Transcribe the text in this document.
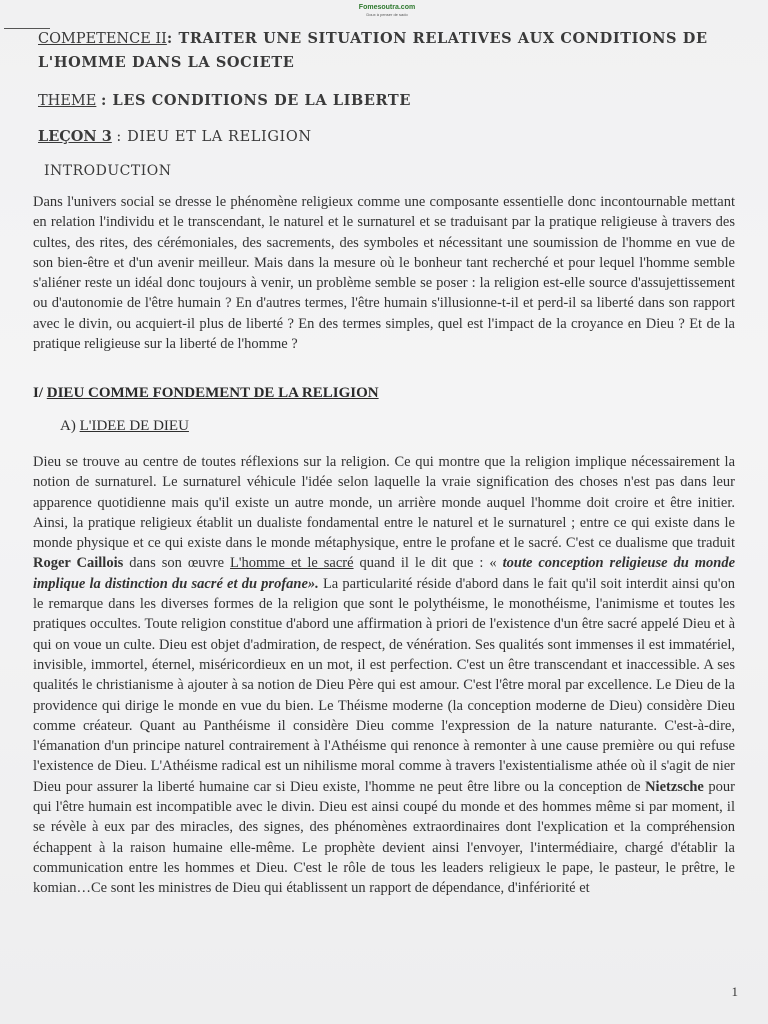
Fomesoutra.com
Doux à penser de sado
COMPETENCE II: TRAITER UNE SITUATION RELATIVES AUX CONDITIONS DE
L'HOMME DANS LA SOCIETE
THEME : LES CONDITIONS DE LA LIBERTE
LEÇON 3 : DIEU ET LA RELIGION
INTRODUCTION
Dans l'univers social se dresse le phénomène religieux comme une composante essentielle donc incontournable mettant en relation l'individu et le transcendant, le naturel et le surnaturel et se traduisant par la pratique religieuse à travers des cultes, des rites, des cérémoniales, des sacrements, des symboles et nécessitant une soumission de l'homme en vue de son bien-être et d'un avenir meilleur. Mais dans la mesure où le bonheur tant recherché et pour lequel l'homme semble s'aliéner reste un idéal donc toujours à venir, un problème semble se poser : la religion est-elle source d'assujettissement ou d'autonomie de l'être humain ? En d'autres termes, l'être humain s'illusionne-t-il et perd-il sa liberté dans son rapport avec le divin, ou acquiert-il plus de liberté ? En des termes simples, quel est l'impact de la croyance en Dieu ? Et de la pratique religieuse sur la liberté de l'homme ?
I/ DIEU COMME FONDEMENT DE LA RELIGION
A) L'IDEE DE DIEU
Dieu se trouve au centre de toutes réflexions sur la religion. Ce qui montre que la religion implique nécessairement la notion de surnaturel. Le surnaturel véhicule l'idée selon laquelle la vraie signification des choses n'est pas dans leur apparence quotidienne mais qu'il existe un autre monde, un arrière monde auquel l'homme doit croire et être initier. Ainsi, la pratique religieux établit un dualiste fondamental entre le naturel et le surnaturel ; entre ce qui existe dans le monde physique et ce qui existe dans le monde métaphysique, entre le profane et le sacré. C'est ce dualisme que traduit Roger Caillois dans son œuvre L'homme et le sacré quand il le dit que : « toute conception religieuse du monde implique la distinction du sacré et du profane». La particularité réside d'abord dans le fait qu'il soit interdit ainsi qu'on le remarque dans les diverses formes de la religion que sont le polythéisme, le monothéisme, l'animisme et toutes les pratiques occultes. Toute religion constitue d'abord une affirmation à priori de l'existence d'un être sacré appelé Dieu et à qui on voue un culte. Dieu est objet d'admiration, de respect, de vénération. Ses qualités sont immenses il est immatériel, invisible, immortel, éternel, miséricordieux en un mot, il est perfection. C'est un être transcendant et inaccessible. A ses qualités le christianisme à ajouter à sa notion de Dieu Père qui est amour. C'est l'être moral par excellence. Le Dieu de la providence qui dirige le monde en vue du bien. Le Théisme moderne (la conception moderne de Dieu) considère Dieu comme créateur. Quant au Panthéisme il considère Dieu comme l'expression de la nature naturante. C'est-à-dire, l'émanation d'un principe naturel contrairement à l'Athéisme qui renonce à remonter à une cause première ou qui refuse l'existence de Dieu. L'Athéisme radical est un nihilisme moral comme à travers l'existentialisme athée où il s'agit de nier Dieu pour assurer la liberté humaine car si Dieu existe, l'homme ne peut être libre ou la conception de Nietzsche pour qui l'être humain est incompatible avec le divin. Dieu est ainsi coupé du monde et des hommes même si par moment, il se révèle à eux par des miracles, des signes, des phénomènes extraordinaires dont l'explication et la compréhension échappent à la raison humaine elle-même. Le prophète devient ainsi l'envoyer, l'intermédiaire, chargé d'établir la communication entre les hommes et Dieu. C'est le rôle de tous les leaders religieux le pape, le pasteur, le prêtre, le komian…Ce sont les ministres de Dieu qui établissent un rapport de dépendance, d'infériorité et
1
